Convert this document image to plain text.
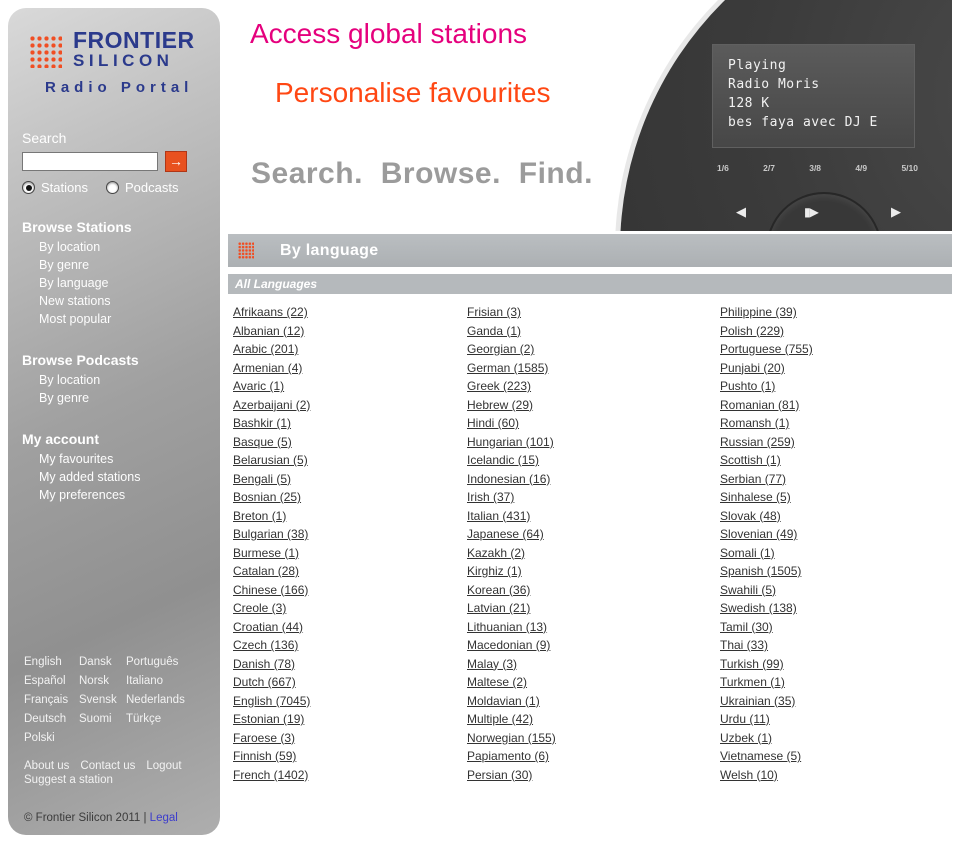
FRONTIER
SILICON
Radio Portal
Search
→
Stations	Podcasts
Browse Stations
By location
By genre
By language
New stations
Most popular
Browse Podcasts
By location
By genre
My account
My favourites
My added stations
My preferences
English	Dansk	Português
Español	Norsk	Italiano
Français Svensk Nederlands
Deutsch	Suomi	Türkçe
Polski
About us Contact us Logout
Suggest a station
© Frontier Silicon 2011 | Legal
Access global stations
Personalise favourites
Search. Browse. Find.
Playing
Radio Moris
128 K
bes faya avec DJ E
1/6	2/7	3/8	4/9	5/10
◀	▮▶	▶
By language
All Languages
Afrikaans (22)
Albanian (12)
Arabic (201)
Armenian (4)
Avaric (1)
Azerbaijani (2)
Bashkir (1)
Basque (5)
Belarusian (5)
Bengali (5)
Bosnian (25)
Breton (1)
Bulgarian (38)
Burmese (1)
Catalan (28)
Chinese (166)
Creole (3)
Croatian (44)
Czech (136)
Danish (78)
Dutch (667)
English (7045)
Estonian (19)
Faroese (3)
Finnish (59)
French (1402)
Frisian (3)
Ganda (1)
Georgian (2)
German (1585)
Greek (223)
Hebrew (29)
Hindi (60)
Hungarian (101)
Icelandic (15)
Indonesian (16)
Irish (37)
Italian (431)
Japanese (64)
Kazakh (2)
Kirghiz (1)
Korean (36)
Latvian (21)
Lithuanian (13)
Macedonian (9)
Malay (3)
Maltese (2)
Moldavian (1)
Multiple (42)
Norwegian (155)
Papiamento (6)
Persian (30)
Philippine (39)
Polish (229)
Portuguese (755)
Punjabi (20)
Pushto (1)
Romanian (81)
Romansh (1)
Russian (259)
Scottish (1)
Serbian (77)
Sinhalese (5)
Slovak (48)
Slovenian (49)
Somali (1)
Spanish (1505)
Swahili (5)
Swedish (138)
Tamil (30)
Thai (33)
Turkish (99)
Turkmen (1)
Ukrainian (35)
Urdu (11)
Uzbek (1)
Vietnamese (5)
Welsh (10)
